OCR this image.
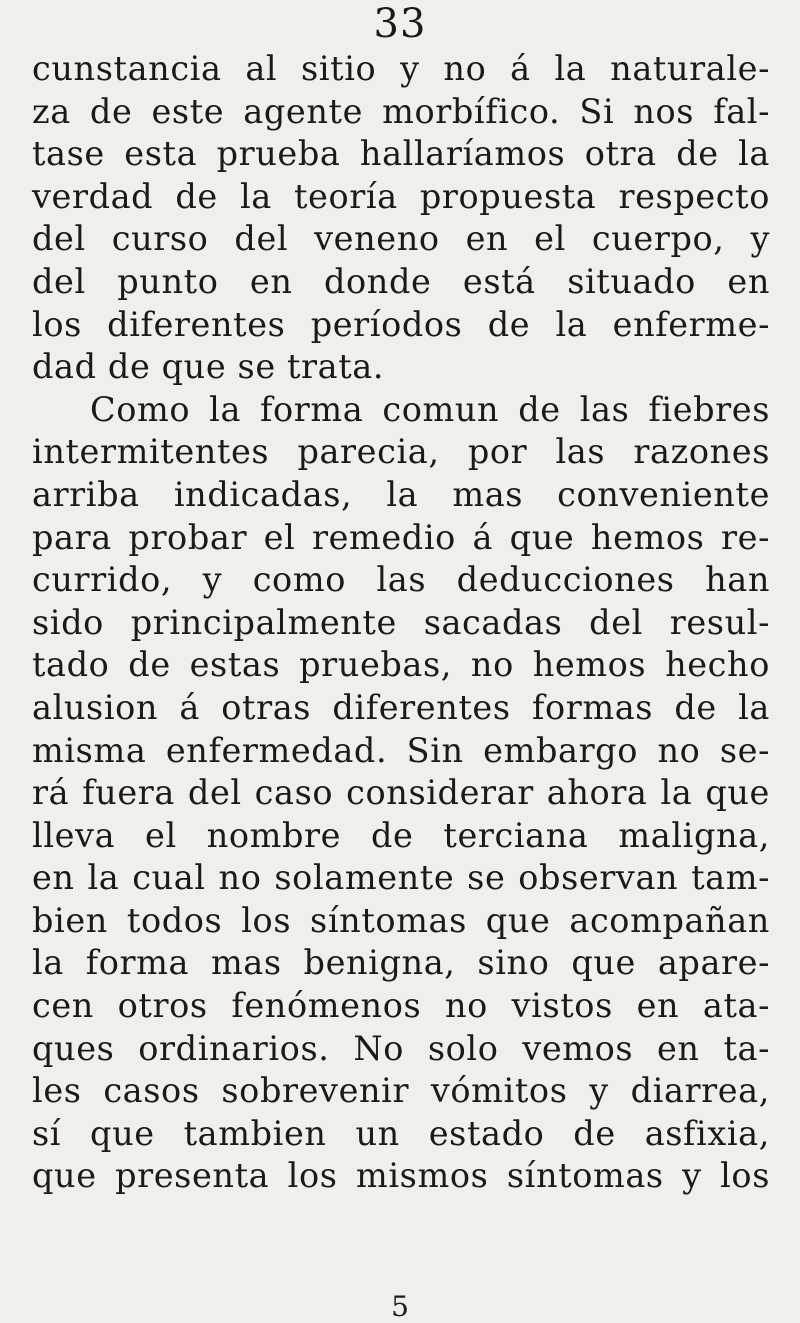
33
cunstancia al sitio y no á la naturale-
za de este agente morbífico. Si nos fal-
tase esta prueba hallaríamos otra de la
verdad de la teoría propuesta respecto
del curso del veneno en el cuerpo, y
del punto en donde está situado en
los diferentes períodos de la enferme-
dad de que se trata.
Como la forma comun de las fiebres
intermitentes parecia, por las razones
arriba indicadas, la mas conveniente
para probar el remedio á que hemos re-
currido, y como las deducciones han
sido principalmente sacadas del resul-
tado de estas pruebas, no hemos hecho
alusion á otras diferentes formas de la
misma enfermedad. Sin embargo no se-
rá fuera del caso considerar ahora la que
lleva el nombre de terciana maligna,
en la cual no solamente se observan tam-
bien todos los síntomas que acompañan
la forma mas benigna, sino que apare-
cen otros fenómenos no vistos en ata-
ques ordinarios. No solo vemos en ta-
les casos sobrevenir vómitos y diarrea,
sí que tambien un estado de asfixia,
que presenta los mismos síntomas y los
5
